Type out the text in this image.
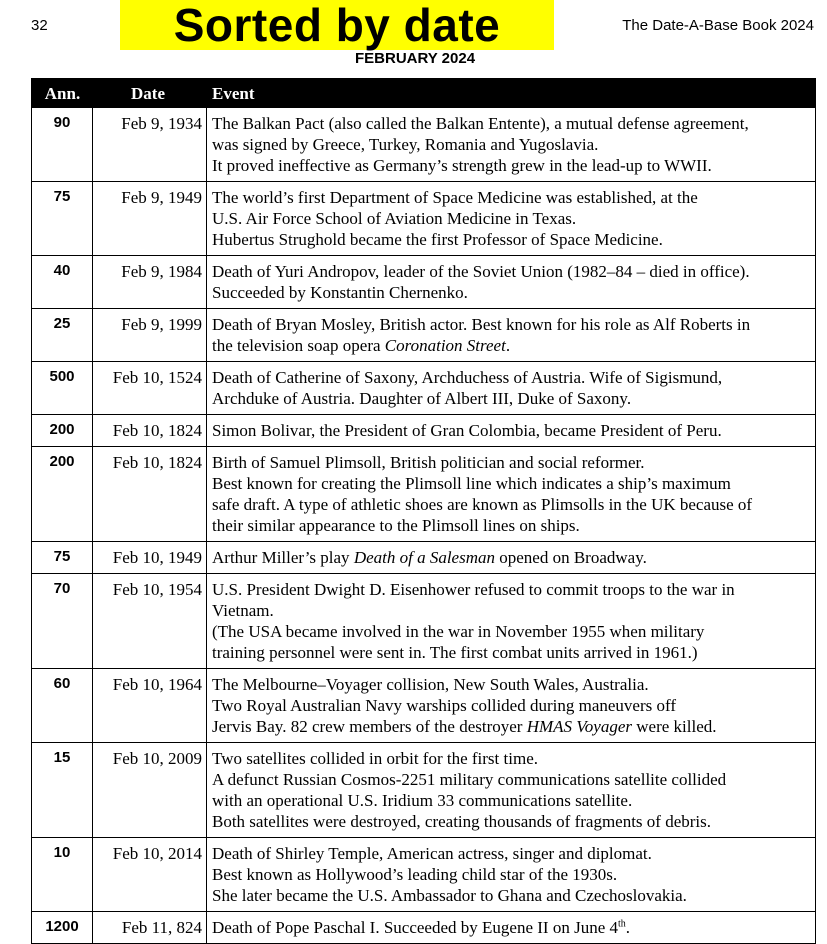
32	Sorted by date	The Date-A-Base Book 2024
FEBRUARY 2024
Ann.	Date	Event
90	Feb 9, 1934 The Balkan Pact (also called the Balkan Entente), a mutual defense agreement,
was signed by Greece, Turkey, Romania and Yugoslavia.
It proved ineffective as Germany’s strength grew in the lead-up to WWII.
75	Feb 9, 1949 The world’s first Department of Space Medicine was established, at the
U.S. Air Force School of Aviation Medicine in Texas.
Hubertus Strughold became the first Professor of Space Medicine.
40	Feb 9, 1984 Death of Yuri Andropov, leader of the Soviet Union (1982–84 – died in office).
Succeeded by Konstantin Chernenko.
25	Feb 9, 1999 Death of Bryan Mosley, British actor. Best known for his role as Alf Roberts in
the television soap opera Coronation Street.
500	Feb 10, 1524 Death of Catherine of Saxony, Archduchess of Austria. Wife of Sigismund,
Archduke of Austria. Daughter of Albert III, Duke of Saxony.
200	Feb 10, 1824 Simon Bolivar, the President of Gran Colombia, became President of Peru.
200	Feb 10, 1824 Birth of Samuel Plimsoll, British politician and social reformer.
Best known for creating the Plimsoll line which indicates a ship’s maximum
safe draft. A type of athletic shoes are known as Plimsolls in the UK because of
their similar appearance to the Plimsoll lines on ships.
75	Feb 10, 1949 Arthur Miller’s play Death of a Salesman opened on Broadway.
70	Feb 10, 1954 U.S. President Dwight D. Eisenhower refused to commit troops to the war in
Vietnam.
(The USA became involved in the war in November 1955 when military
training personnel were sent in. The first combat units arrived in 1961.)
60	Feb 10, 1964 The Melbourne–Voyager collision, New South Wales, Australia.
Two Royal Australian Navy warships collided during maneuvers off
Jervis Bay. 82 crew members of the destroyer HMAS Voyager were killed.
15	Feb 10, 2009 Two satellites collided in orbit for the first time.
A defunct Russian Cosmos-2251 military communications satellite collided
with an operational U.S. Iridium 33 communications satellite.
Both satellites were destroyed, creating thousands of fragments of debris.
10	Feb 10, 2014 Death of Shirley Temple, American actress, singer and diplomat.
Best known as Hollywood’s leading child star of the 1930s.
She later became the U.S. Ambassador to Ghana and Czechoslovakia.
1200	Feb 11, 824 Death of Pope Paschal I. Succeeded by Eugene II on June 4th.
